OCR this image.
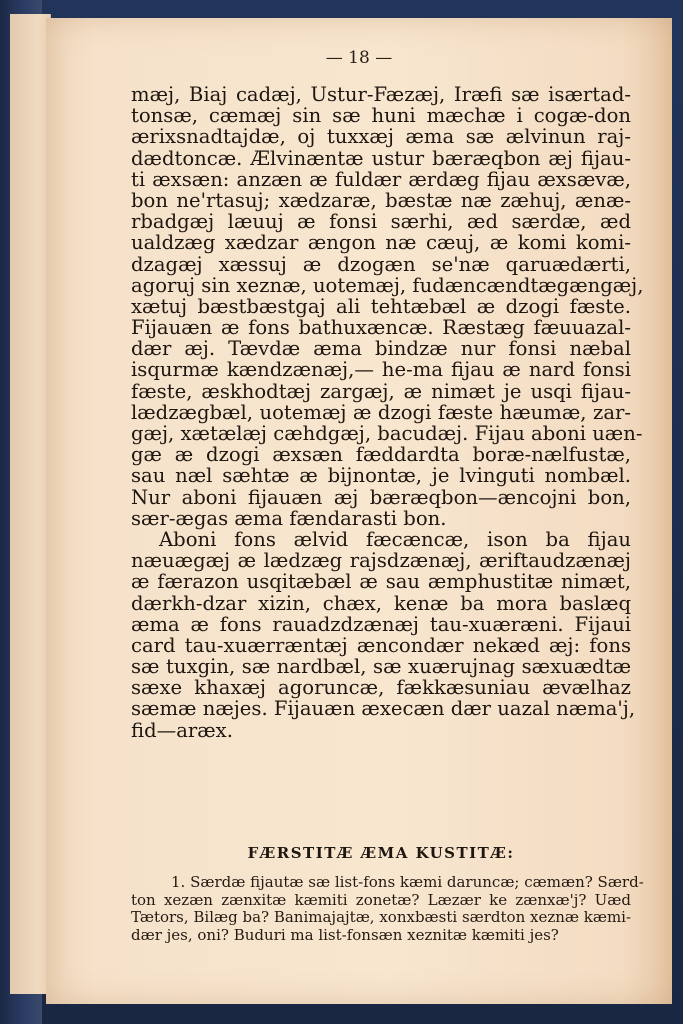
— 18 —
mæj, Biaj cadæj, Ustur-Fæzæj, Iræfi sæ isærtad-
tonsæ, cæmæj sin sæ huni mæchæ i cogæ-don
ærixsnadtajdæ, oj tuxxæj æma sæ ælvinun raj-
dædtoncæ. Ælvinæntæ ustur bæræqbon æj fijau-
ti æxsæn: anzæn æ fuldær ærdæg fijau æxsævæ,
bon ne'rtasuj; xædzaræ, bæstæ næ zæhuj, ænæ-
rbadgæj læuuj æ fonsi særhi, æd særdæ, æd
ualdzæg xædzar ængon næ cæuj, æ komi komi-
dzagæj xæssuj æ dzogæn se'næ qaruædærti,
agoruj sin xeznæ, uotemæj, fudæncændtægængæj,
xætuj bæstbæstgaj ali tehtæbæl æ dzogi fæste.
Fijauæn æ fons bathuxæncæ. Ræstæg fæuuazal-
dær æj. Tævdæ æma bindzæ nur fonsi næbal
isqurmæ kændzænæj,— he-ma fijau æ nard fonsi
fæste, æskhodtæj zargæj, æ nimæt je usqi fijau-
lædzægbæl, uotemæj æ dzogi fæste hæumæ, zar-
gæj, xætælæj cæhdgæj, bacudæj. Fijau aboni uæn-
gæ æ dzogi æxsæn fæddardta boræ-nælfustæ,
sau næl sæhtæ æ bijnontæ, je lvinguti nombæl.
Nur aboni fijauæn æj bæræqbon—æncojni bon,
sær-ægas æma fændarasti bon.
Aboni fons ælvid fæcæncæ, ison ba fijau
næuægæj æ lædzæg rajsdzænæj, æriftaudzænæj
æ færazon usqitæbæl æ sau æmphustitæ nimæt,
dærkh-dzar xizin, chæx, kenæ ba mora baslæq
æma æ fons rauadzdzænæj tau-xuæræni. Fijaui
card tau-xuærræntæj æncondær nekæd æj: fons
sæ tuxgin, sæ nardbæl, sæ xuærujnag sæxuædtæ
sæxe khaxæj agoruncæ, fækkæsuniau ævælhaz
sæmæ næjes. Fijauæn æxecæn dær uazal næma'j,
fid—aræx.
FÆRSTITÆ ÆMA KUSTITÆ:
1. Særdæ fijautæ sæ list-fons kæmi daruncæ; cæmæn? Særd-
ton xezæn zænxitæ kæmiti zonetæ? Læzær ke zænxæ'j? Uæd
Tætors, Bilæg ba? Banimajajtæ, xonxbæsti særdton xeznæ kæmi-
dær jes, oni? Buduri ma list-fonsæn xeznitæ kæmiti jes?
